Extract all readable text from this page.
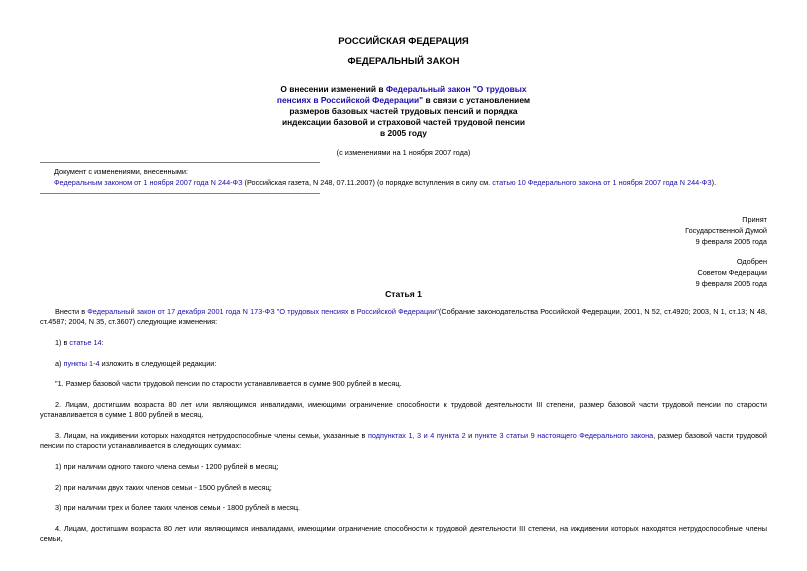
РОССИЙСКАЯ ФЕДЕРАЦИЯ
ФЕДЕРАЛЬНЫЙ ЗАКОН
О внесении изменений в Федеральный закон "О трудовых
пенсиях в Российской Федерации" в связи с установлением
размеров базовых частей трудовых пенсий и порядка
индексации базовой и страховой частей трудовой пенсии
в 2005 году
(с изменениями на 1 ноября 2007 года)
Документ с изменениями, внесенными:
Федеральным законом от 1 ноября 2007 года N 244-ФЗ (Российская газета, N 248, 07.11.2007) (о порядке вступления в силу см. статью 10 Федерального закона от 1 ноября 2007 года N 244-ФЗ).
Принят
Государственной Думой
9 февраля 2005 года
Одобрен
Советом Федерации
9 февраля 2005 года
Статья 1
Внести в Федеральный закон от 17 декабря 2001 года N 173-ФЗ "О трудовых пенсиях в Российской Федерации"(Собрание законодательства Российской Федерации, 2001, N 52, ст.4920; 2003, N 1, ст.13; N 48, ст.4587; 2004, N 35, ст.3607) следующие изменения:
1) в статье 14:
а) пункты 1-4 изложить в следующей редакции:
"1. Размер базовой части трудовой пенсии по старости устанавливается в сумме 900 рублей в месяц.
2. Лицам, достигшим возраста 80 лет или являющимся инвалидами, имеющими ограничение способности к трудовой деятельности III степени, размер базовой части трудовой пенсии по старости устанавливается в сумме 1 800 рублей в месяц.
3. Лицам, на иждивении которых находятся нетрудоспособные члены семьи, указанные в подпунктах 1, 3 и 4 пункта 2 и пункте 3 статьи 9 настоящего Федерального закона, размер базовой части трудовой пенсии по старости устанавливается в следующих суммах:
1) при наличии одного такого члена семьи - 1200 рублей в месяц;
2) при наличии двух таких членов семьи - 1500 рублей в месяц;
3) при наличии трех и более таких членов семьи - 1800 рублей в месяц.
4. Лицам, достигшим возраста 80 лет или являющимся инвалидами, имеющими ограничение способности к трудовой деятельности III степени, на иждивении которых находятся нетрудоспособные члены семьи,
